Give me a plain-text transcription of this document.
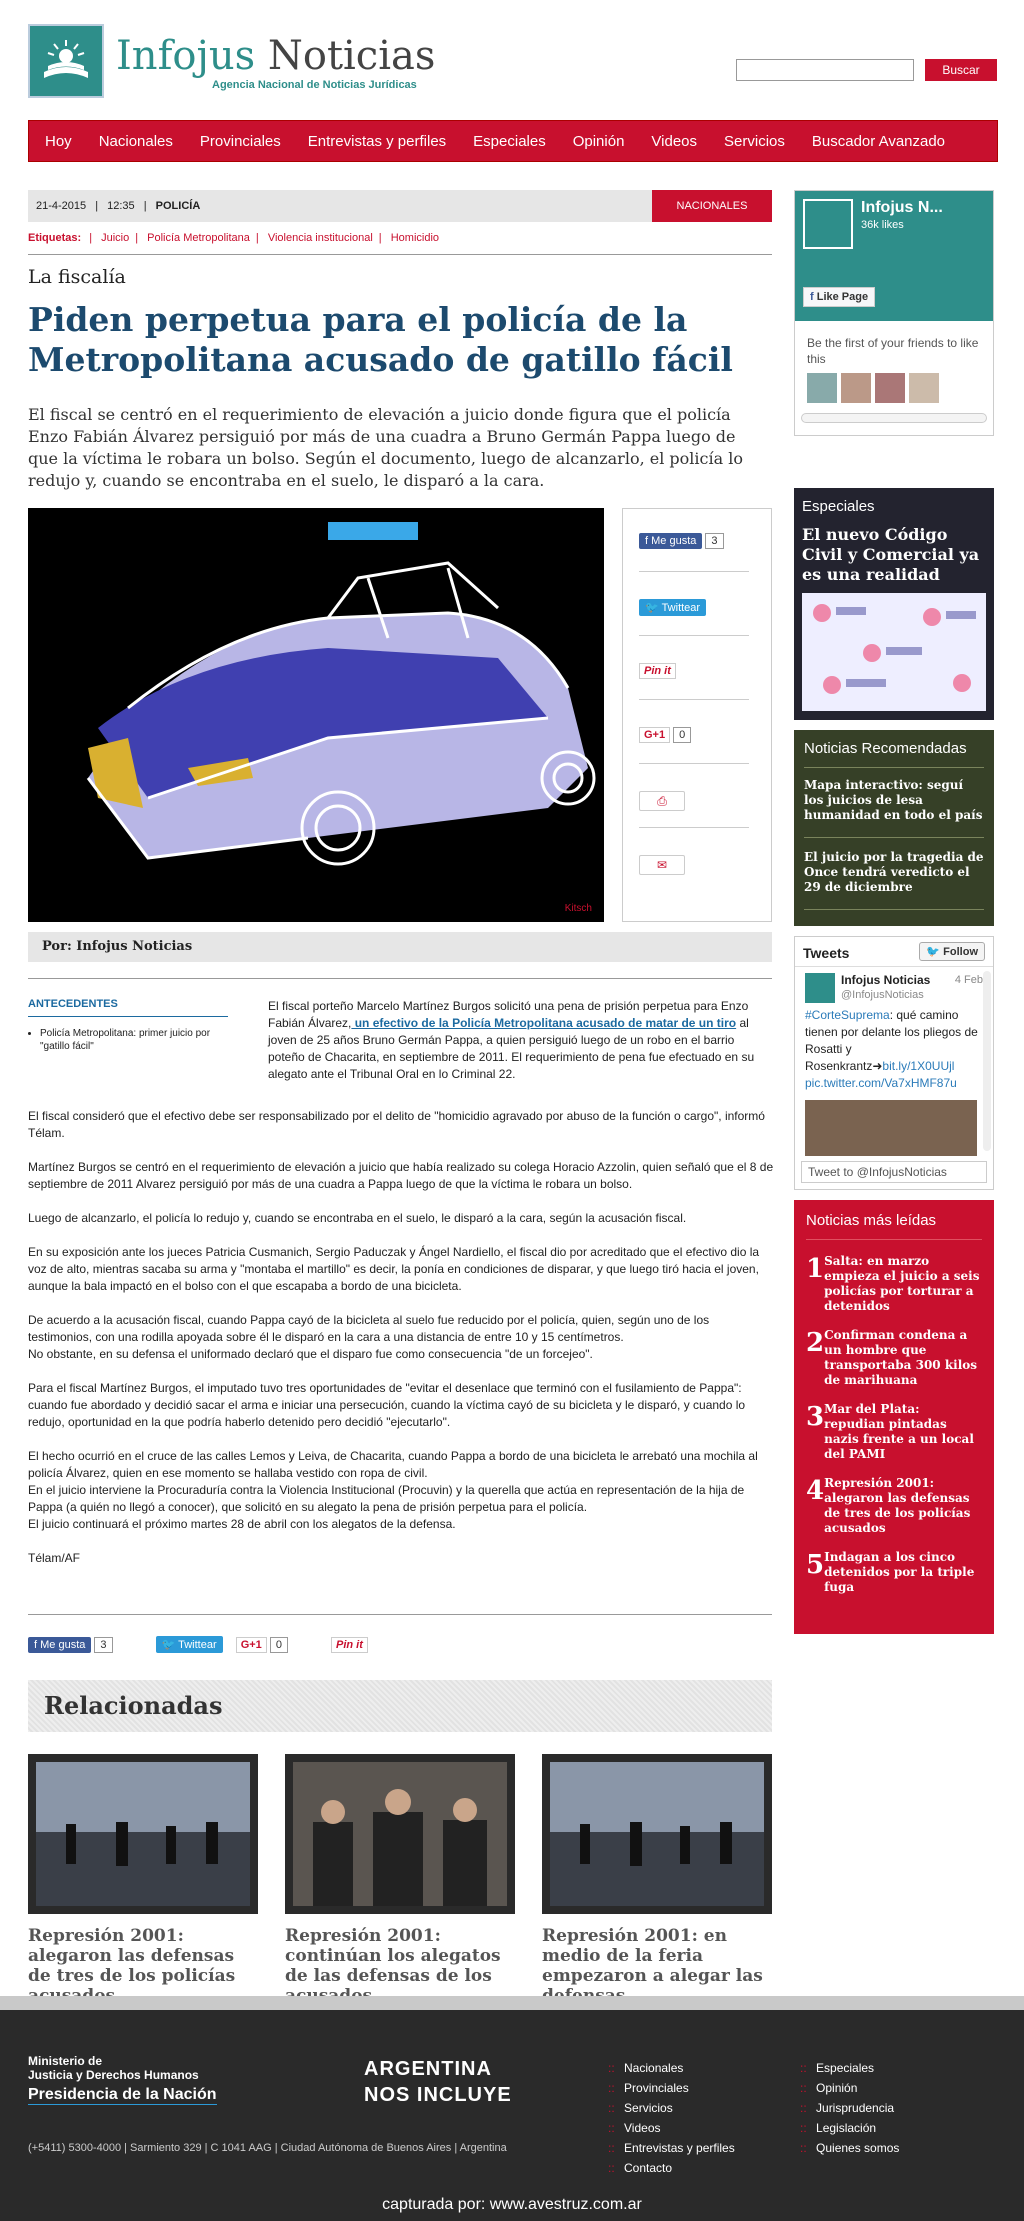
Infojus Noticias
Agencia Nacional de Noticias Jurídicas
Buscar
Hoy Nacionales Provinciales Entrevistas y perfiles Especiales Opinión Videos Servicios Buscador Avanzado
21-4-2015 | 12:35 | POLICÍA	NACIONALES
Etiquetas: | Juicio | Policía Metropolitana | Violencia institucional | Homicidio
La fiscalía
Piden perpetua para el policía de la Metropolitana acusado de gatillo fácil

El fiscal se centró en el requerimiento de elevación a juicio donde figura que el policía Enzo Fabián Álvarez persiguió por más de una cuadra a Bruno Germán Pappa luego de que la víctima le robara un bolso. Según el documento, luego de alcanzarlo, el policía lo redujo y, cuando se encontraba en el suelo, le disparó a la cara.

Kitsch
f Me gusta 3
🐦 Twittear
Pin it
G+1 0
⎙
✉
Por: Infojus Noticias
ANTECEDENTES
• Policía Metropolitana: primer juicio por "gatillo fácil"

El fiscal porteño Marcelo Martínez Burgos solicitó una pena de prisión perpetua para Enzo Fabián Álvarez, un efectivo de la Policía Metropolitana acusado de matar de un tiro al joven de 25 años Bruno Germán Pappa, a quien persiguió luego de un robo en el barrio poteño de Chacarita, en septiembre de 2011. El requerimiento de pena fue efectuado en su alegato ante el Tribunal Oral en lo Criminal 22.

El fiscal consideró que el efectivo debe ser responsabilizado por el delito de "homicidio agravado por abuso de la función o cargo", informó Télam.

Martínez Burgos se centró en el requerimiento de elevación a juicio que había realizado su colega Horacio Azzolin, quien señaló que el 8 de septiembre de 2011 Alvarez persiguió por más de una cuadra a Pappa luego de que la víctima le robara un bolso.

Luego de alcanzarlo, el policía lo redujo y, cuando se encontraba en el suelo, le disparó a la cara, según la acusación fiscal.

En su exposición ante los jueces Patricia Cusmanich, Sergio Paduczak y Ángel Nardiello, el fiscal dio por acreditado que el efectivo dio la voz de alto, mientras sacaba su arma y "montaba el martillo" es decir, la ponía en condiciones de disparar, y que luego tiró hacia el joven, aunque la bala impactó en el bolso con el que escapaba a bordo de una bicicleta.

De acuerdo a la acusación fiscal, cuando Pappa cayó de la bicicleta al suelo fue reducido por el policía, quien, según uno de los testimonios, con una rodilla apoyada sobre él le disparó en la cara a una distancia de entre 10 y 15 centímetros.
No obstante, en su defensa el uniformado declaró que el disparo fue como consecuencia "de un forcejeo".

Para el fiscal Martínez Burgos, el imputado tuvo tres oportunidades de "evitar el desenlace que terminó con el fusilamiento de Pappa": cuando fue abordado y decidió sacar el arma e iniciar una persecución, cuando la víctima cayó de su bicicleta y le disparó, y cuando lo redujo, oportunidad en la que podría haberlo detenido pero decidió "ejecutarlo".

El hecho ocurrió en el cruce de las calles Lemos y Leiva, de Chacarita, cuando Pappa a bordo de una bicicleta le arrebató una mochila al policía Álvarez, quien en ese momento se hallaba vestido con ropa de civil.
En el juicio interviene la Procuraduría contra la Violencia Institucional (Procuvin) y la querella que actúa en representación de la hija de Pappa (a quién no llegó a conocer), que solicitó en su alegato la pena de prisión perpetua para el policía.
El juicio continuará el próximo martes 28 de abril con los alegatos de la defensa.

Télam/AF

f Me gusta 3	🐦 Twittear G+1 0	Pin it
Relacionadas
Represión 2001: alegaron las defensas de tres de los policías
Represión 2001: continúan los alegatos de las defensas de los
Represión 2001: en medio de la feria empezaron a alegar las
Infojus N...
36k likes
f Like Page
Be the first of your friends to like this
Especiales
El nuevo Código Civil y Comercial ya es una realidad
Noticias Recomendadas

Mapa interactivo: seguí los juicios de lesa humanidad en todo el país

El juicio por la tragedia de Once tendrá veredicto el 29 de diciembre

Tweets	🐦 Follow
Infojus Noticias 4 Feb

@InfojusNoticias
#CorteSuprema: qué camino tienen por delante los pliegos de Rosatti y Rosenkrantz➜bit.ly/1X0UUjl
pic.twitter.com/Va7xHMF87u
Tweet to @InfojusNoticias
Noticias más leídas
1 Salta: en marzo empieza el juicio a seis policías por torturar a detenidos
2 Confirman condena a un hombre que transportaba 300 kilos de marihuana
3 Mar del Plata: repudian pintadas nazis frente a un local del PAMI
4 Represión 2001: alegaron las defensas de tres de los policías acusados
5 Indagan a los cinco detenidos por la triple fuga
Ministerio de
Justicia y Derechos Humanos
Presidencia de la Nación
ARGENTINA
NOS INCLUYE
(+5411) 5300-4000 | Sarmiento 329 | C 1041 AAG | Ciudad Autónoma de Buenos Aires | Argentina
:: Nacionales
:: Provinciales
:: Servicios
:: Videos
:: Entrevistas y perfiles
:: Contacto
:: Especiales
:: Opinión
:: Jurisprudencia
:: Legislación
:: Quienes somos
capturada por: www.avestruz.com.ar
